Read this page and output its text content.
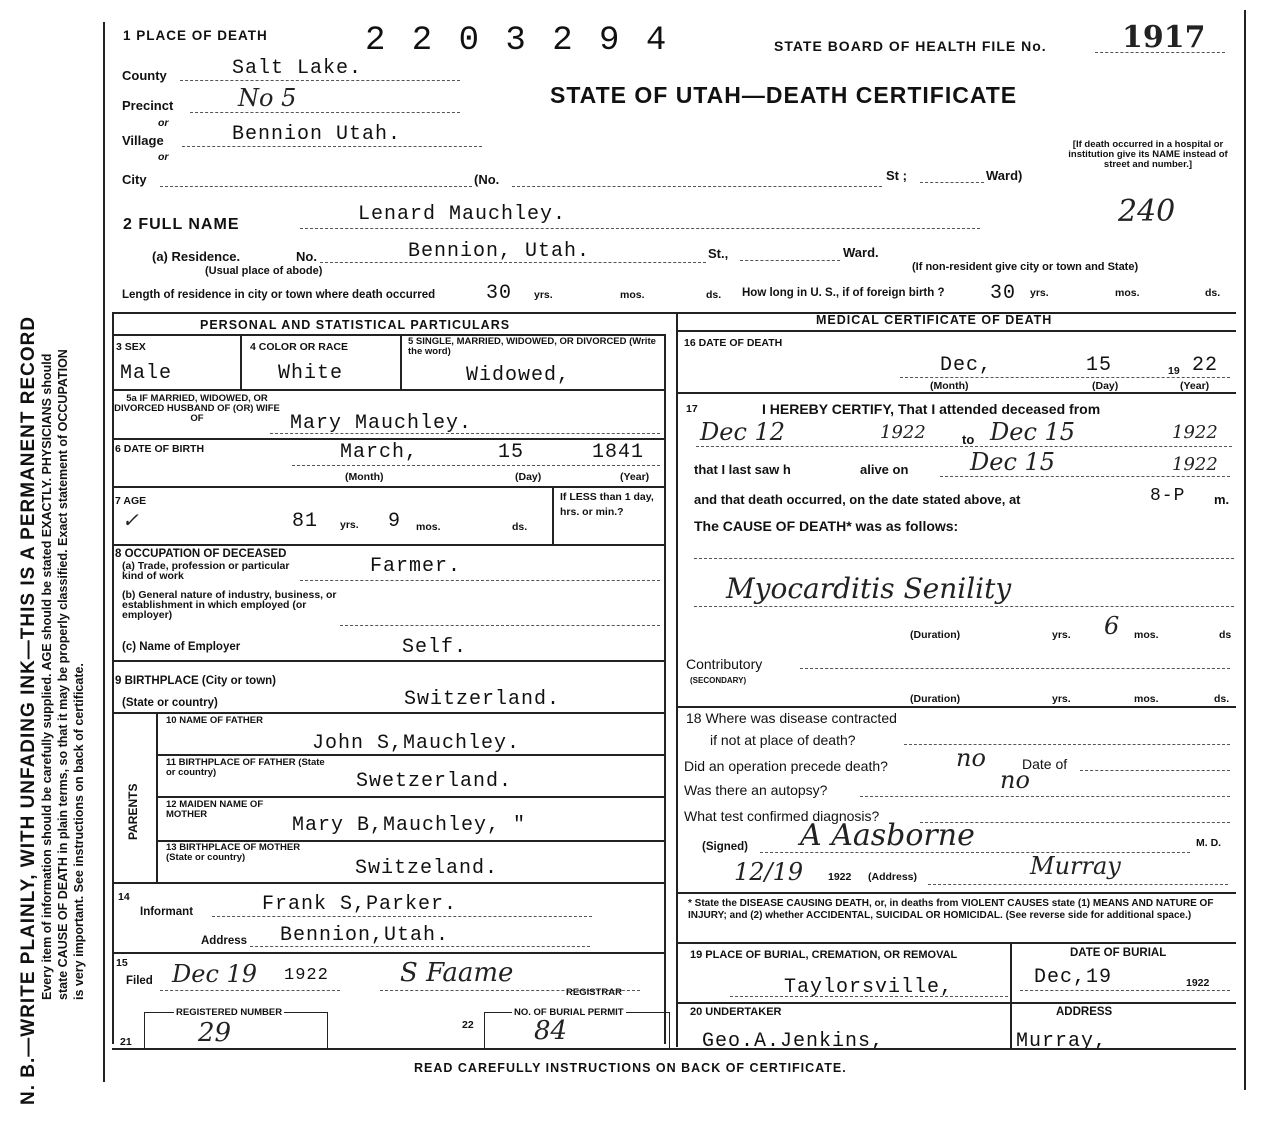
N. B.—WRITE PLAINLY, WITH UNFADING INK—THIS IS A PERMANENT RECORD Every item of information should be carefully supplied. AGE should be stated EXACTLY. PHYSICIANS should state CAUSE OF DEATH in plain terms, so that it may be properly classified. Exact statement of OCCUPATION is very important. See instructions on back of certificate.
1 PLACE OF DEATH	2 2 0 3 2 9 4	STATE BOARD OF HEALTH FILE No.	1917
County	Salt Lake.
STATE OF UTAH—DEATH CERTIFICATE
Precinct	No 5
or
Village	Bennion Utah.
or
City	(No.	St ;	Ward)
[If death occurred in a hospital or institution give its NAME instead of street and number.]
2 FULL NAME	Lenard Mauchley.	240
(a) Residence.	No.	Bennion, Utah.	St.,	Ward.
(Usual place of abode)	(If non-resident give city or town and State)
Length of residence in city or town where death occurred	30 yrs.	mos.	ds. How long in U. S., if of foreign birth ? 30 yrs.	mos.	ds.
PERSONAL AND STATISTICAL PARTICULARS
3 SEX
Male
4 COLOR OR RACE
White
5 SINGLE, MARRIED, WIDOWED, OR DIVORCED (Write the word)
Widowed,
5a IF MARRIED, WIDOWED, OR DIVORCED HUSBAND OF (OR) WIFE OF	Mary Mauchley.
6 DATE OF BIRTH	March,	15	1841
(Month)	(Day)	(Year)
7 AGE
✓	81 yrs. 9 mos.	ds.
If LESS than 1 day, hrs. or min.?
8 OCCUPATION OF DECEASED
(a) Trade, profession or particular kind of work	Farmer.
(b) General nature of industry, business, or establishment in which employed (or employer)
(c) Name of Employer	Self.
9 BIRTHPLACE (City or town)
(State or country)	Switzerland.
PARENTS
10 NAME OF FATHER
John S,Mauchley.
11 BIRTHPLACE OF FATHER (State or country)	Swetzerland.
12 MAIDEN NAME OF MOTHER	Mary B,Mauchley, "
13 BIRTHPLACE OF MOTHER (State or country)	Switzeland.
14
Informant	Frank S,Parker.
Address Bennion,Utah.
15
Filed Dec 19 1922	S Faame
REGISTRAR
21
REGISTERED NUMBER
29	22
NO. OF BURIAL PERMIT
84
MEDICAL CERTIFICATE OF DEATH
16 DATE OF DEATH
Dec,	15	19 22
(Month)	(Day)	(Year)
17	I HEREBY CERTIFY, That I attended deceased from
Dec 12	1922	to Dec 15	1922
that I last saw h	alive on	Dec 15	1922
and that death occurred, on the date stated above, at	8-P m.
The CAUSE OF DEATH* was as follows:
Myocarditis Senility
(Duration)	yrs. 6 mos.	ds
Contributory
(SECONDARY)
(Duration)	yrs.	mos.	ds.
18 Where was disease contracted
if not at place of death?
Did an operation precede death?	no	Date of
Was there an autopsy?	no
What test confirmed diagnosis?
(Signed) A Aasborne	M. D.
12/19 1922 (Address)	Murray
* State the DISEASE CAUSING DEATH, or, in deaths from VIOLENT CAUSES state (1) MEANS AND NATURE OF INJURY; and (2) whether ACCIDENTAL, SUICIDAL OR HOMICIDAL. (See reverse side for additional space.)
19 PLACE OF BURIAL, CREMATION, OR REMOVAL
Taylorsville,
DATE OF BURIAL
Dec,19	1922
20 UNDERTAKER
Geo.A.Jenkins,
ADDRESS
Murray,
READ CAREFULLY INSTRUCTIONS ON BACK OF CERTIFICATE.
